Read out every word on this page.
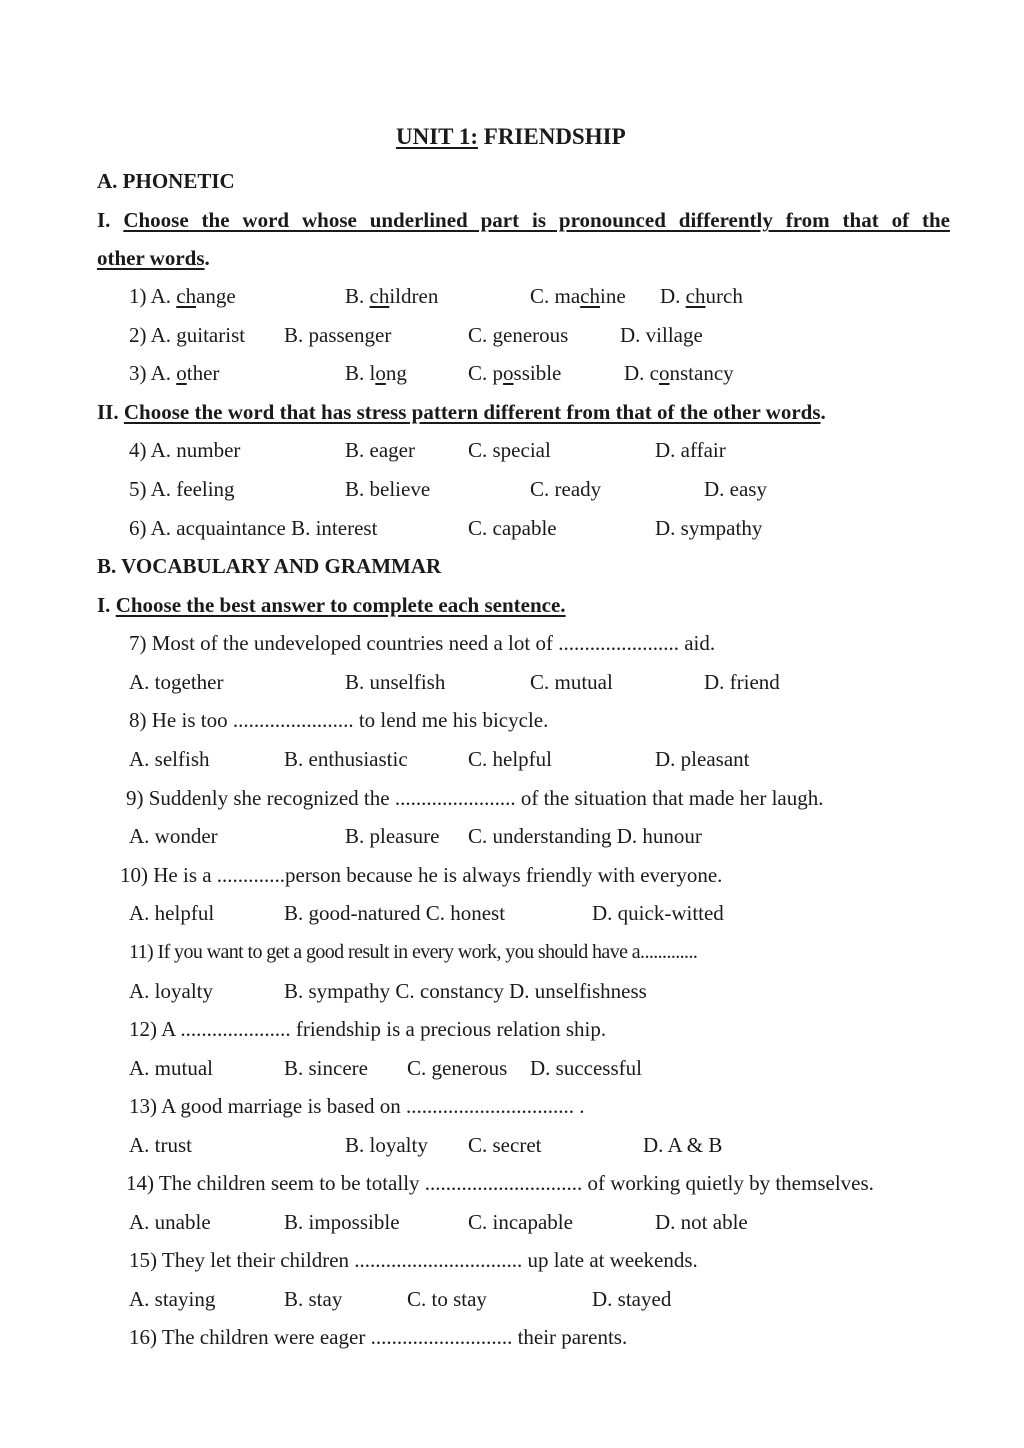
UNIT 1: FRIENDSHIP
A. PHONETIC
I. Choose the word whose underlined part is pronounced differently from that of the
other words.
1) A. change	B. children	C. machine D. church
2) A. guitarist B. passenger	C. generous D. village
3) A. other	B. long	C. possible	D. constancy
II. Choose the word that has stress pattern different from that of the other words.
4) A. number	B. eager	C. special	D. affair
5) A. feeling	B. believe	C. ready	D. easy
6) A. acquaintance B. interest	C. capable	D. sympathy
B. VOCABULARY AND GRAMMAR
I. Choose the best answer to complete each sentence.
7) Most of the undeveloped countries need a lot of ....................... aid.
A. together	B. unselfish	C. mutual	D. friend
8) He is too ....................... to lend me his bicycle.
A. selfish	B. enthusiastic	C. helpful	D. pleasant
9) Suddenly she recognized the ....................... of the situation that made her laugh.
A. wonder	B. pleasure C. understanding D. hunour
10) He is a .............person because he is always friendly with everyone.
A. helpful	B. good-natured C. honest	D. quick-witted
11) If you want to get a good result in every work, you should have a.............
A. loyalty	B. sympathy C. constancy D. unselfishness
12) A ..................... friendship is a precious relation ship.
A. mutual	B. sincere C. generous D. successful
13) A good marriage is based on ................................ .
A. trust	B. loyalty C. secret	D. A & B
14) The children seem to be totally .............................. of working quietly by themselves.
A. unable	B. impossible	C. incapable	D. not able
15) They let their children ................................ up late at weekends.
A. staying	B. stay	C. to stay	D. stayed
16) The children were eager ........................... their parents.
